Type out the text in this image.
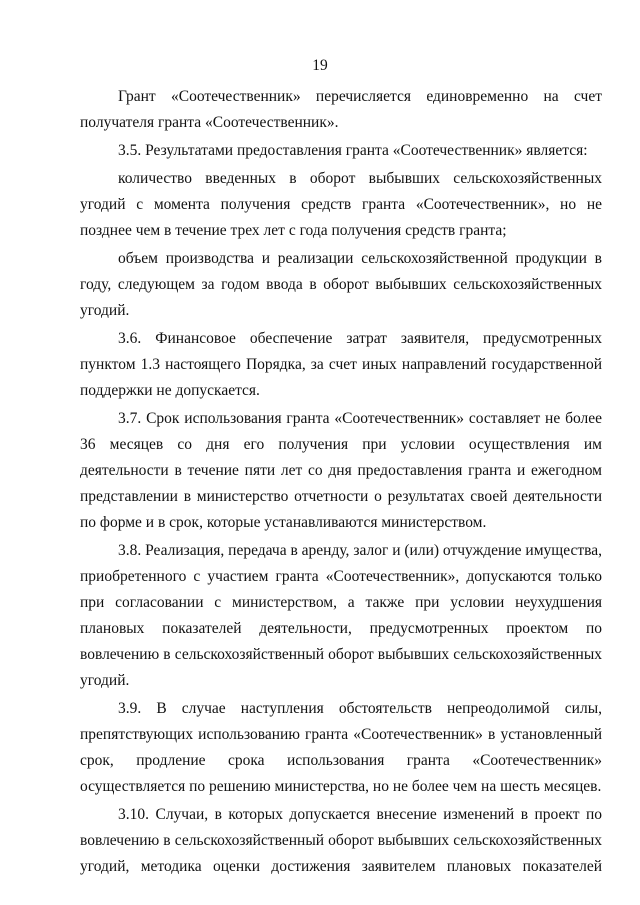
19

Грант «Соотечественник» перечисляется единовременно на счет получателя гранта «Соотечественник».

3.5. Результатами предоставления гранта «Соотечественник» является:

количество введенных в оборот выбывших сельскохозяйственных угодий с момента получения средств гранта «Соотечественник», но не позднее чем в течение трех лет с года получения средств гранта;

объем производства и реализации сельскохозяйственной продукции в году, следующем за годом ввода в оборот выбывших сельскохозяйственных угодий.

3.6. Финансовое обеспечение затрат заявителя, предусмотренных пунктом 1.3 настоящего Порядка, за счет иных направлений государственной поддержки не допускается.

3.7. Срок использования гранта «Соотечественник» составляет не более 36 месяцев со дня его получения при условии осуществления им деятельности в течение пяти лет со дня предоставления гранта и ежегодном представлении в министерство отчетности о результатах своей деятельности по форме и в срок, которые устанавливаются министерством.

3.8. Реализация, передача в аренду, залог и (или) отчуждение имущества, приобретенного с участием гранта «Соотечественник», допускаются только при согласовании с министерством, а также при условии неухудшения плановых показателей деятельности, предусмотренных проектом по вовлечению в сельскохозяйственный оборот выбывших сельскохозяйственных угодий.

3.9. В случае наступления обстоятельств непреодолимой силы, препятствующих использованию гранта «Соотечественник» в установленный срок, продление срока использования гранта «Соотечественник» осуществляется по решению министерства, но не более чем на шесть месяцев.

3.10. Случаи, в которых допускается внесение изменений в проект по вовлечению в сельскохозяйственный оборот выбывших сельскохозяйственных угодий, методика оценки достижения заявителем плановых показателей
